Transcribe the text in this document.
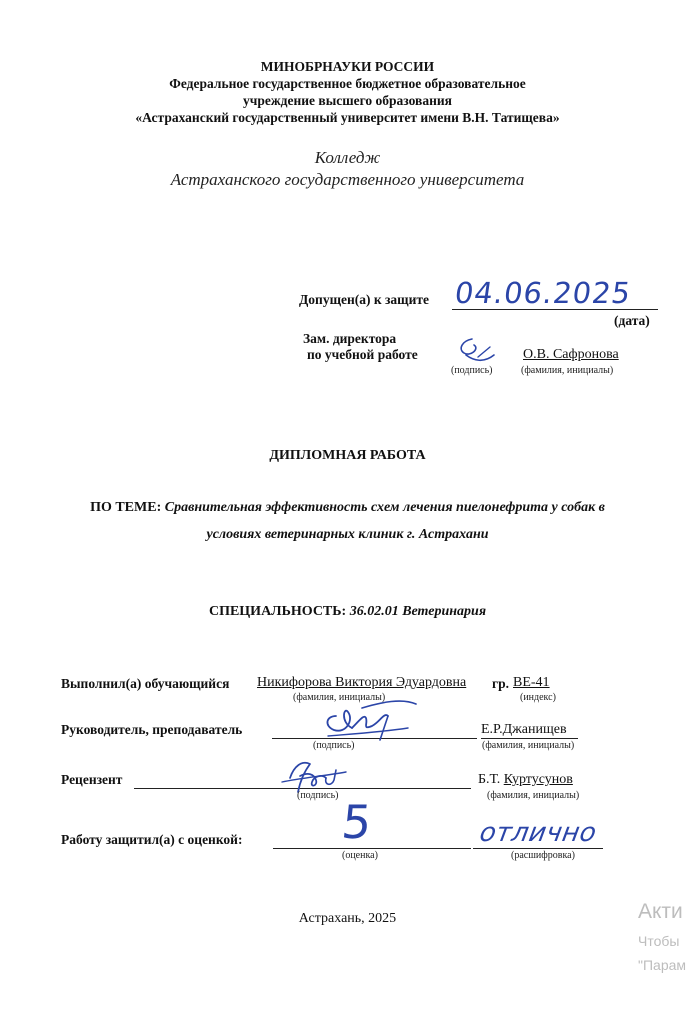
МИНОБРНАУКИ РОССИИ
Федеральное государственное бюджетное образовательное
учреждение высшего образования
«Астраханский государственный университет имени В.Н. Татищева»
Колледж
Астраханского государственного университета
Допущен(а) к защите 04.06.2025
(дата)
Зам. директора
по учебной работе	О.В. Сафронова
(подпись)	(фамилия, инициалы)
ДИПЛОМНАЯ РАБОТА
ПО ТЕМЕ: Сравнительная эффективность схем лечения пиелонефрита у собак в
условиях ветеринарных клиник г. Астрахани
СПЕЦИАЛЬНОСТЬ: 36.02.01 Ветеринария
Выполнил(а) обучающийся Никифорова Виктория Эдуардовна гр. ВЕ-41
(фамилия, инициалы)	(индекс)
Руководитель, преподаватель	Е.Р.Джанищев
(подпись)	(фамилия, инициалы)
Рецензент	Б.Т. Куртусунов
(подпись)	(фамилия, инициалы)
Работу защитил(а) с оценкой: 5	отлично
(оценка)	(расшифровка)
Астрахань, 2025	Акти
Чтобы
"Парам
